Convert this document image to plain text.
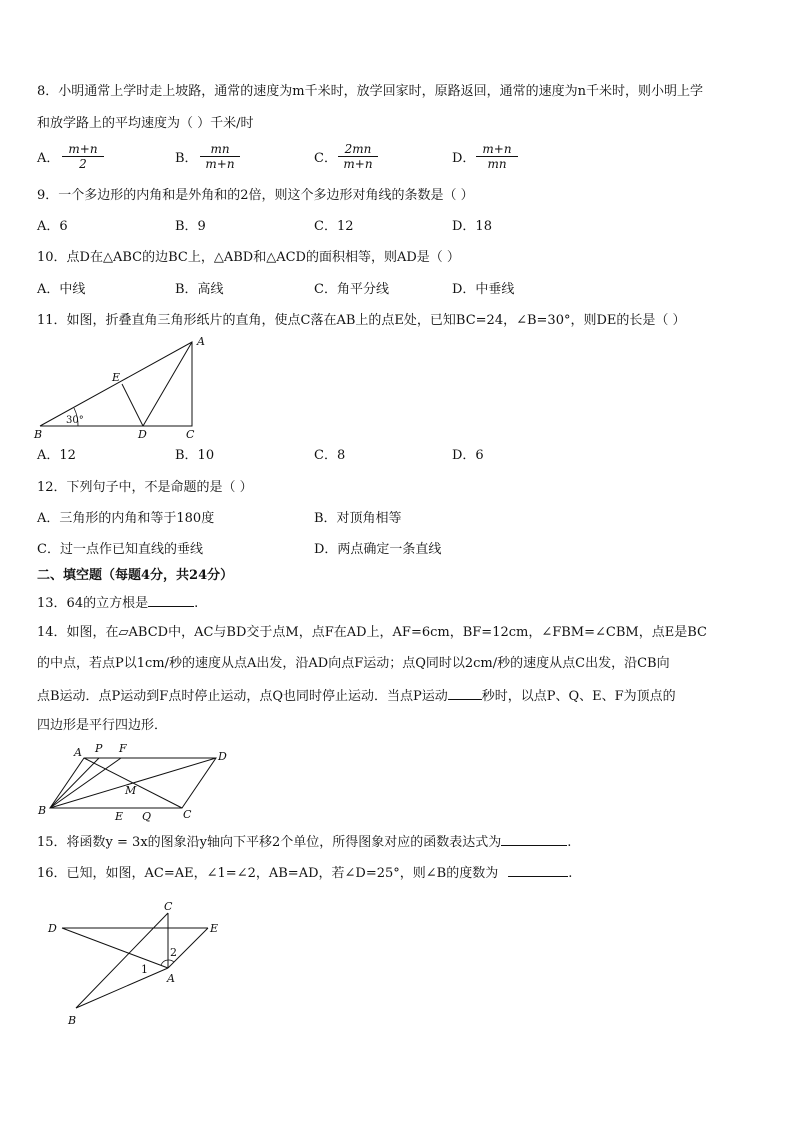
8．小明通常上学时走上坡路，通常的速度为m千米时，放学回家时，原路返回，通常的速度为n千米时，则小明上学
和放学路上的平均速度为（ ）千米/时
A． $\frac{m+n}{2}$	B． $\frac{mn}{m+n}$	C． $\frac{2mn}{m+n}$	D． $\frac{m+n}{mn}$
9．一个多边形的内角和是外角和的2倍，则这个多边形对角线的条数是（ ）
A．6	B．9	C．12	D．18
10．点D在△ABC的边BC上，△ABD和△ACD的面积相等，则AD是（ ）
A．中线	B．高线	C．角平分线	D．中垂线
11．如图，折叠直角三角形纸片的直角，使点C落在AB上的点E处，已知BC=24，∠B=30°，则DE的长是（ ）
30°
A
B	C
D
E
A．12	B．10	C．8	D．6
12．下列句子中，不是命题的是（ ）
A．三角形的内角和等于180度	B．对顶角相等
C．过一点作已知直线的垂线	D．两点确定一条直线
二、填空题（每题4分，共24分）
13．64的立方根是	.
14．如图，在▱ABCD中，AC与BD交于点M，点F在AD上，AF=6cm，BF=12cm，∠FBM=∠CBM，点E是BC
的中点，若点P以1cm/秒的速度从点A出发，沿AD向点F运动；点Q同时以2cm/秒的速度从点C出发，沿CB向
点B运动．点P运动到F点时停止运动，点Q也同时停止运动．当点P运动	秒时，以点P、Q、E、F为顶点的
四边形是平行四边形．
A P F
D
M
B	E Q	C
15．将函数y = 3x的图象沿y轴向下平移2个单位，所得图象对应的函数表达式为	.
16．已知，如图，AC=AE，∠1=∠2，AB=AD，若∠D=25°，则∠B的度数为	.
C
D	E
A
B
1
2
